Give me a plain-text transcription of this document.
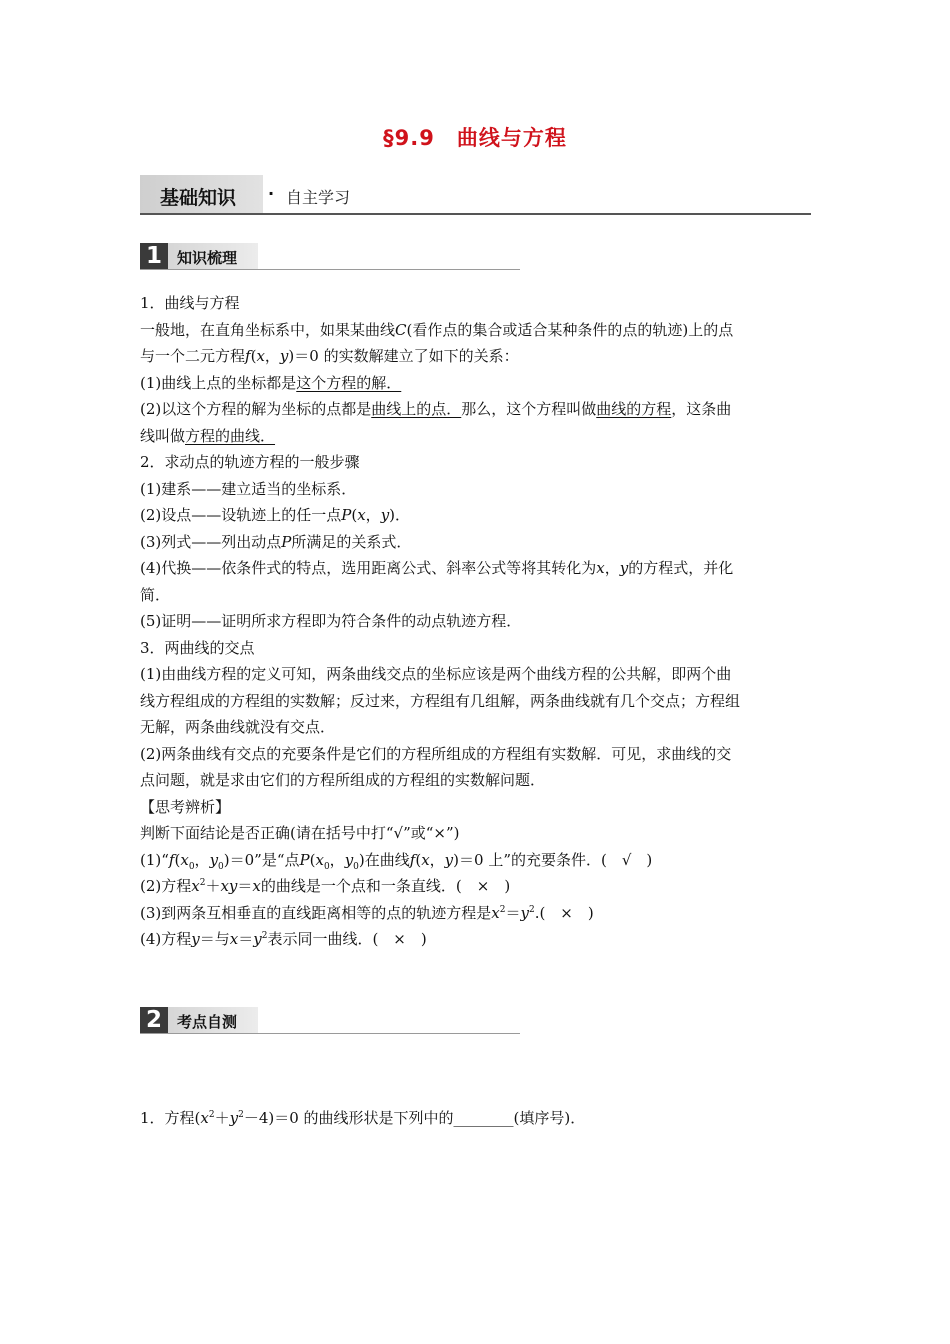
§9.9　曲线与方程
基础知识 · 自主学习
1	知识梳理

1．曲线与方程

一般地，在直角坐标系中，如果某曲线C(看作点的集合或适合某种条件的点的轨迹)上的点

与一个二元方程f(x，y)＝0 的实数解建立了如下的关系：

(1)曲线上点的坐标都是这个方程的解．

(2)以这个方程的解为坐标的点都是曲线上的点．那么，这个方程叫做曲线的方程，这条曲

线叫做方程的曲线．

2．求动点的轨迹方程的一般步骤

(1)建系——建立适当的坐标系．

(2)设点——设轨迹上的任一点P(x，y)．

(3)列式——列出动点P所满足的关系式．

(4)代换——依条件式的特点，选用距离公式、斜率公式等将其转化为x，y的方程式，并化

简．

(5)证明——证明所求方程即为符合条件的动点轨迹方程．

3．两曲线的交点

(1)由曲线方程的定义可知，两条曲线交点的坐标应该是两个曲线方程的公共解，即两个曲

线方程组成的方程组的实数解；反过来，方程组有几组解，两条曲线就有几个交点；方程组

无解，两条曲线就没有交点．

(2)两条曲线有交点的充要条件是它们的方程所组成的方程组有实数解．可见，求曲线的交

点问题，就是求由它们的方程所组成的方程组的实数解问题．

【思考辨析】

判断下面结论是否正确(请在括号中打“√”或“×”)

$(1)“f(x_0$，$y_0)=0$”是“点$P(x_0$，$y_0$)在曲线f(x，y)＝0 上”的充要条件．(　√　)

(2)方程$x^2+xy=x$的曲线是一个点和一条直线．(　×　)

(3)到两条互相垂直的直线距离相等的点的轨迹方程是$x^2=y^2$.(　×　)

(4)方程y＝与$x=y^2$表示同一曲线．(　×　)

2	考点自测
1．方程$(x^2+y^2-4)=0$ 的曲线形状是下列中的________(填序号)．
